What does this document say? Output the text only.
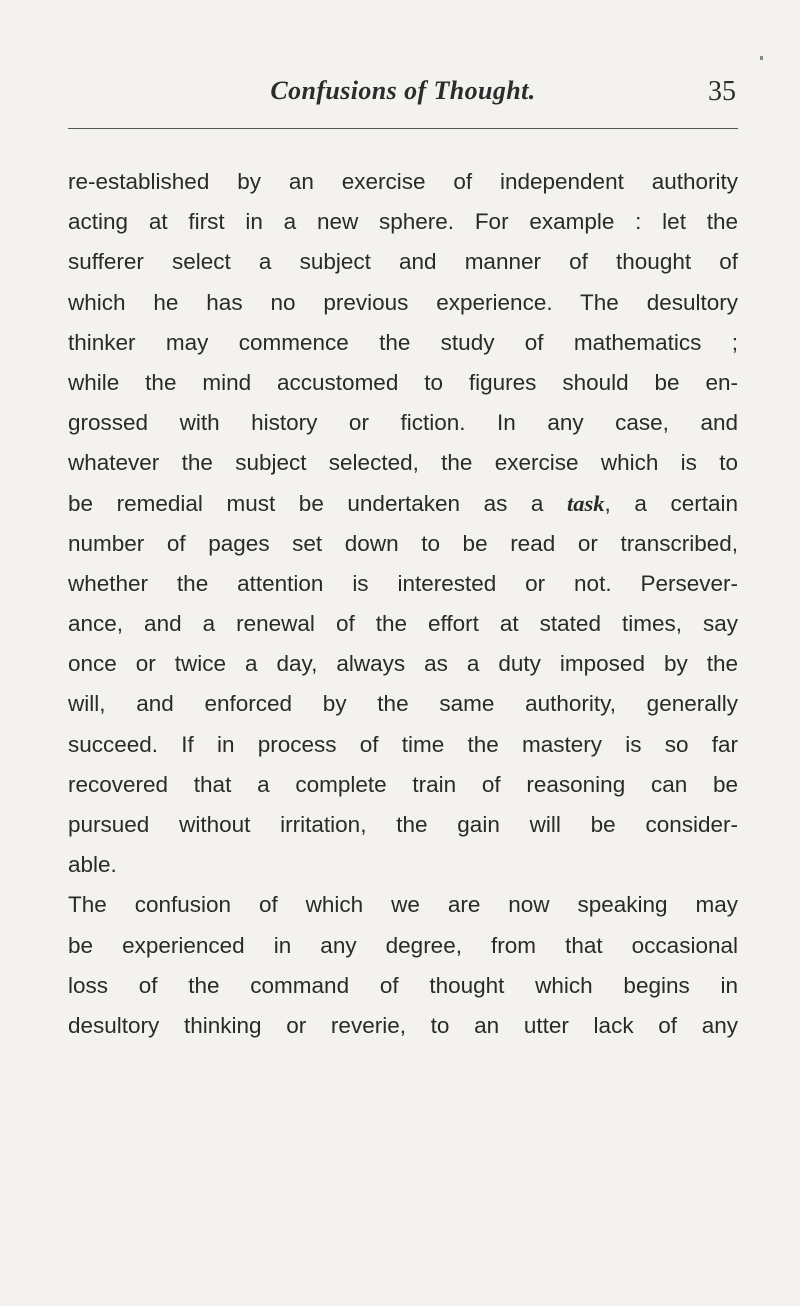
Confusions of Thought.	35
re-established by an exercise of independent authority
acting at first in a new sphere. For example : let the
sufferer select a subject and manner of thought of
which he has no previous experience. The desultory
thinker may commence the study of mathematics ;
while the mind accustomed to figures should be en-
grossed with history or fiction. In any case, and
whatever the subject selected, the exercise which is to
be remedial must be undertaken as a task, a certain
number of pages set down to be read or transcribed,
whether the attention is interested or not. Persever-
ance, and a renewal of the effort at stated times, say
once or twice a day, always as a duty imposed by the
will, and enforced by the same authority, generally
succeed. If in process of time the mastery is so far
recovered that a complete train of reasoning can be
pursued without irritation, the gain will be consider-
able.
The confusion of which we are now speaking may
be experienced in any degree, from that occasional
loss of the command of thought which begins in
desultory thinking or reverie, to an utter lack of any
